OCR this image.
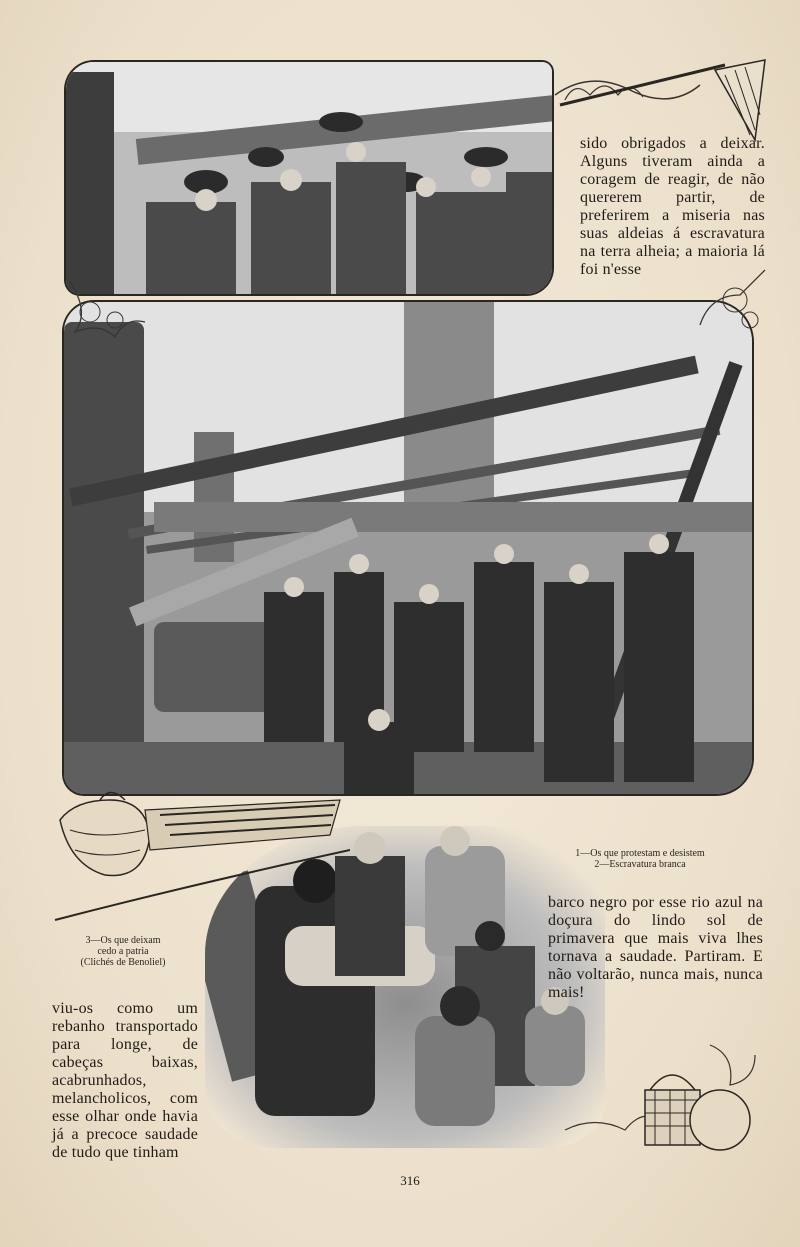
sido obrigados a deixar. Alguns tiveram ainda a coragem de reagir, de não quererem partir, de preferirem a miseria nas suas aldeias á escravatura na terra alheia; a maioria lá foi n'esse

barco negro por esse rio azul na doçura do lindo sol de primavera que mais viva lhes tornava a saudade. Partiram. E não voltarão, nunca mais, nunca mais!

viu-os como um rebanho transportado para longe, de cabeças baixas, acabrunhados, melancholicos, com esse olhar onde havia já a precoce saudade de tudo que tinham

1—Os que protestam e desistem
2—Escravatura branca
3—Os que deixam
cedo a patria
(Clichés de Benoliel)
316
